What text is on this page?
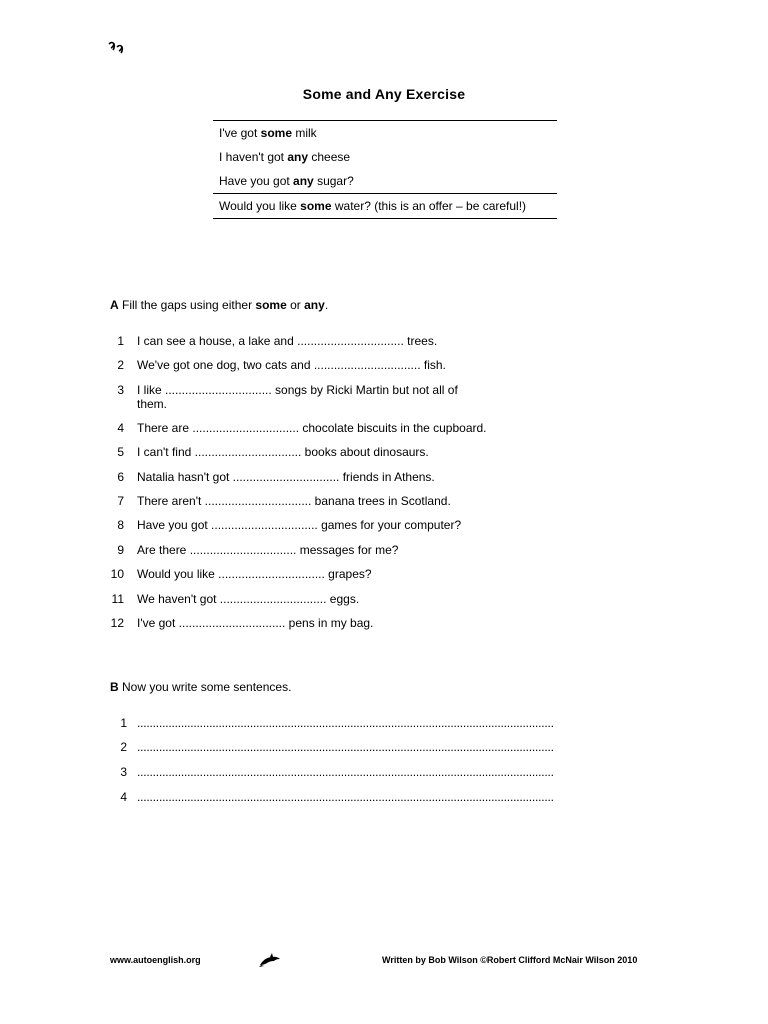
Some and Any Exercise
I've got some milk
I haven't got any cheese
Have you got any sugar?
Would you like some water? (this is an offer – be careful!)
A Fill the gaps using either some or any.
1 I can see a house, a lake and ................................ trees.
2 We've got one dog, two cats and ................................ fish.
3 I like ................................ songs by Ricki Martin but not all of
them.
4 There are ................................ chocolate biscuits in the cupboard.
5 I can't find ................................ books about dinosaurs.
6 Natalia hasn't got ................................ friends in Athens.
7 There aren't ................................ banana trees in Scotland.
8 Have you got ................................ games for your computer?
9 Are there ................................ messages for me?
10 Would you like ................................ grapes?
11 We haven't got ................................ eggs.
12 I've got ................................ pens in my bag.
B Now you write some sentences.
1 .....................................................................................................................................
2 .....................................................................................................................................
3 .....................................................................................................................................
4 .....................................................................................................................................
www.autoenglish.org	Written by Bob Wilson ©Robert Clifford McNair Wilson 2010
